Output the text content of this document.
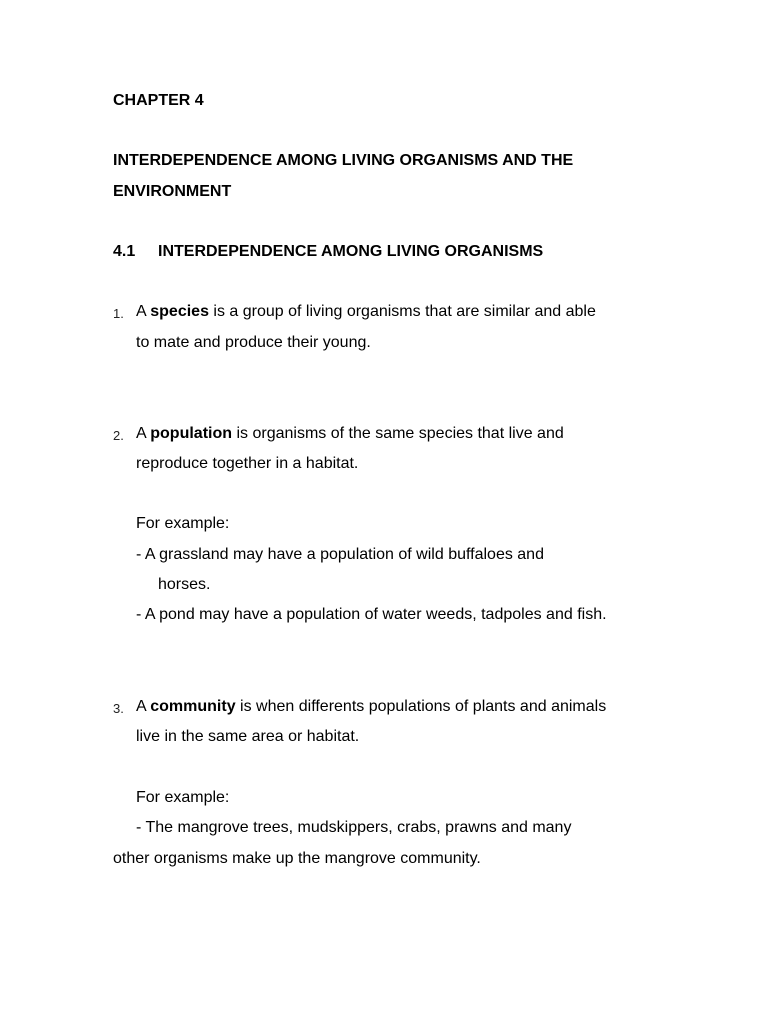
CHAPTER 4
INTERDEPENDENCE AMONG LIVING ORGANISMS AND THE
ENVIRONMENT
4.1 INTERDEPENDENCE AMONG LIVING ORGANISMS
1. A species is a group of living organisms that are similar and able
to mate and produce their young.
2. A population is organisms of the same species that live and
reproduce together in a habitat.
For example:
- A grassland may have a population of wild buffaloes and
horses.
- A pond may have a population of water weeds, tadpoles and fish.
3. A community is when differents populations of plants and animals
live in the same area or habitat.
For example:
- The mangrove trees, mudskippers, crabs, prawns and many
other organisms make up the mangrove community.
